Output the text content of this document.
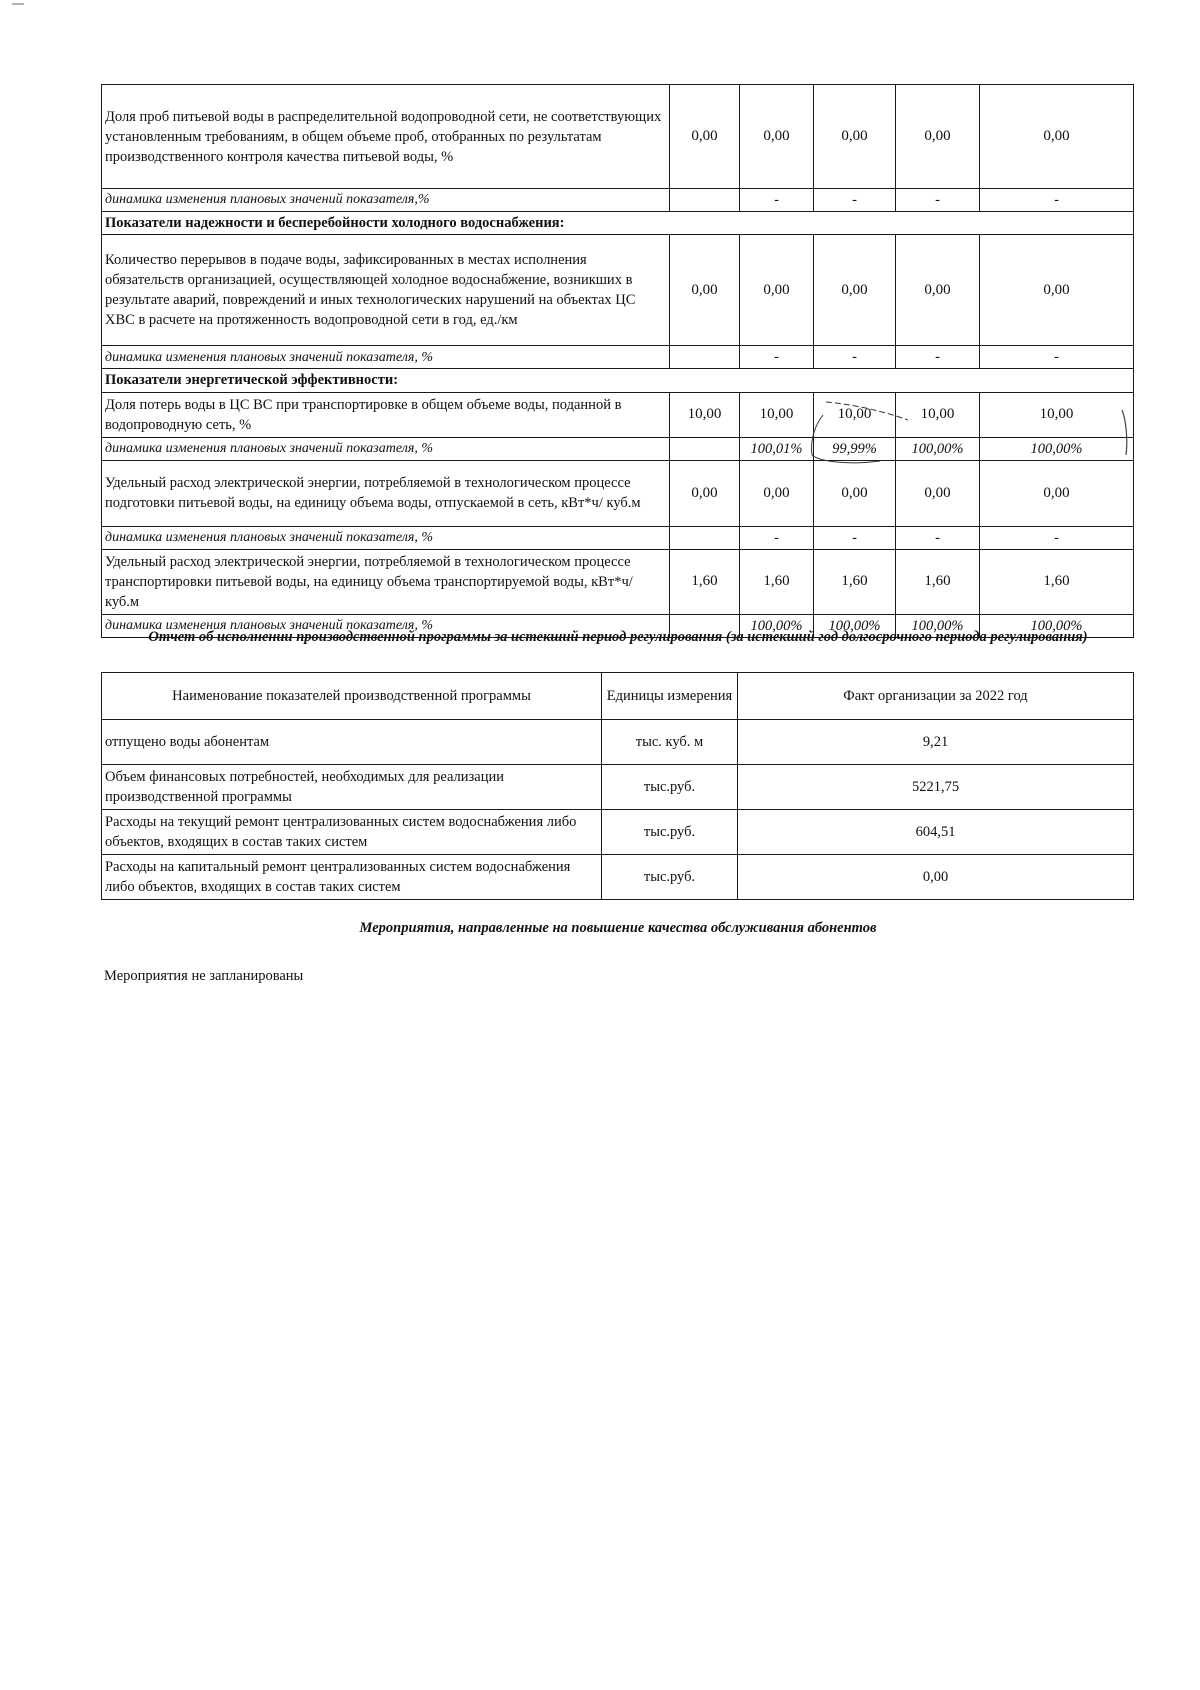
Доля проб питьевой воды в распределительной водопроводной сети, не соответствующих установленным требованиям, в общем объеме проб, отобранных по результатам производственного контроля качества питьевой воды, %	0,00	0,00	0,00	0,00	0,00
динамика изменения плановых значений показателя,%		-	-	-	-
Показатели надежности и бесперебойности холодного водоснабжения:					
Количество перерывов в подаче воды, зафиксированных в местах исполнения обязательств организацией, осуществляющей холодное водоснабжение, возникших в результате аварий, повреждений и иных технологических нарушений на объектах ЦС ХВС в расчете на протяженность водопроводной сети в год, ед./км	0,00	0,00	0,00	0,00	0,00
динамика изменения плановых значений показателя, %		-	-	-	-
Показатели энергетической эффективности:					
Доля потерь воды в ЦС ВС при транспортировке в общем объеме воды, поданной в водопроводную сеть, %	10,00	10,00	10,00	10,00	10,00
динамика изменения плановых значений показателя, %		100,01%	99,99%	100,00%	100,00%
Удельный расход электрической энергии, потребляемой в технологическом процессе подготовки питьевой воды, на единицу объема воды, отпускаемой в сеть, кВт*ч/ куб.м	0,00	0,00	0,00	0,00	0,00
динамика изменения плановых значений показателя, %		-	-	-	-
Удельный расход электрической энергии, потребляемой в технологическом процессе транспортировки питьевой воды, на единицу объема транспортируемой воды, кВт*ч/ куб.м	1,60	1,60	1,60	1,60	1,60
динамика изменения плановых значений показателя, %		100,00%	100,00%	100,00%	100,00%
Отчет об исполнении производственной программы за истекший период регулирования (за истекший год долгосрочного периода регулирования)
Наименование показателей производственной программы	Единицы измерения	Факт организации за 2022 год
отпущено воды абонентам	тыс. куб. м	9,21
Объем финансовых потребностей, необходимых для реализации производственной программы	тыс.руб.	5221,75
Расходы на текущий ремонт централизованных систем водоснабжения либо объектов, входящих в состав таких систем	тыс.руб.	604,51
Расходы на капитальный ремонт централизованных систем водоснабжения либо объектов, входящих в состав таких систем	тыс.руб.	0,00
Мероприятия, направленные на повышение качества обслуживания абонентов
Мероприятия не запланированы
